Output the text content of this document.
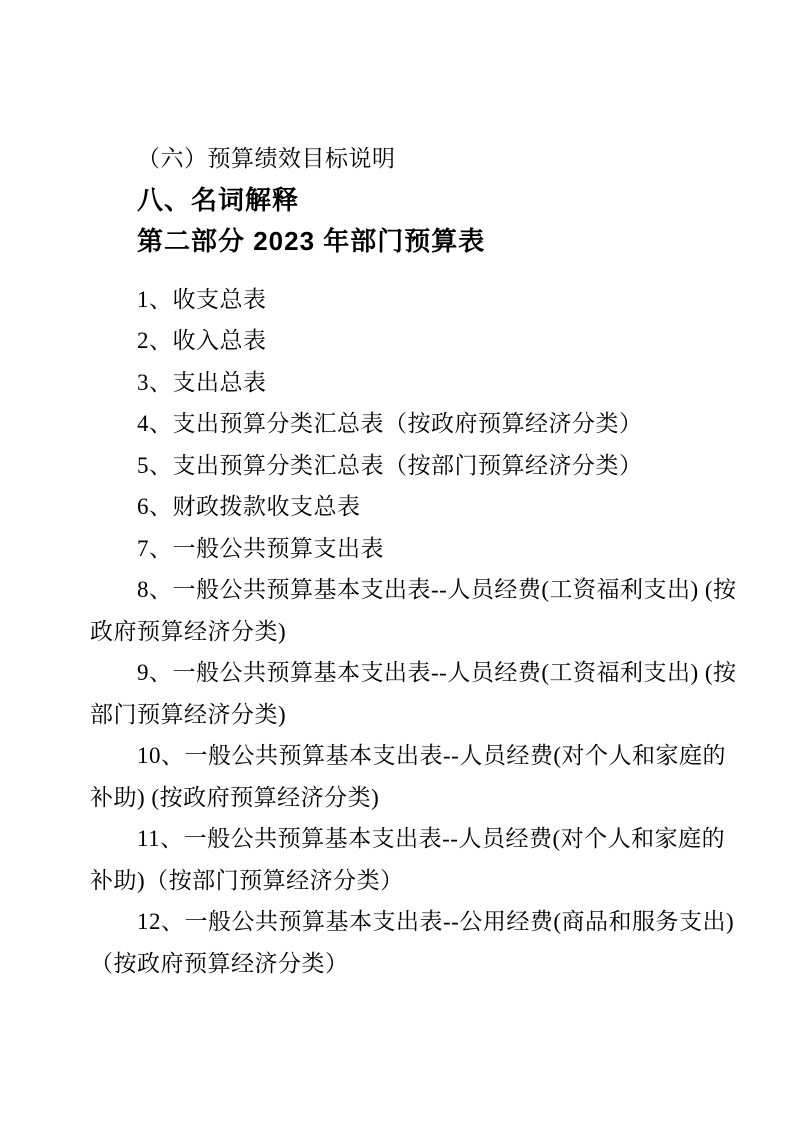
（六）预算绩效目标说明

八、名词解释
第二部分 2023 年部门预算表

1、收支总表

2、收入总表

3、支出总表

4、支出预算分类汇总表（按政府预算经济分类）

5、支出预算分类汇总表（按部门预算经济分类）

6、财政拨款收支总表

7、一般公共预算支出表

8、一般公共预算基本支出表--人员经费(工资福利支出) (按

政府预算经济分类)

9、一般公共预算基本支出表--人员经费(工资福利支出) (按

部门预算经济分类)

10、一般公共预算基本支出表--人员经费(对个人和家庭的

补助) (按政府预算经济分类)

11、一般公共预算基本支出表--人员经费(对个人和家庭的

补助)（按部门预算经济分类）

12、一般公共预算基本支出表--公用经费(商品和服务支出)

（按政府预算经济分类）
